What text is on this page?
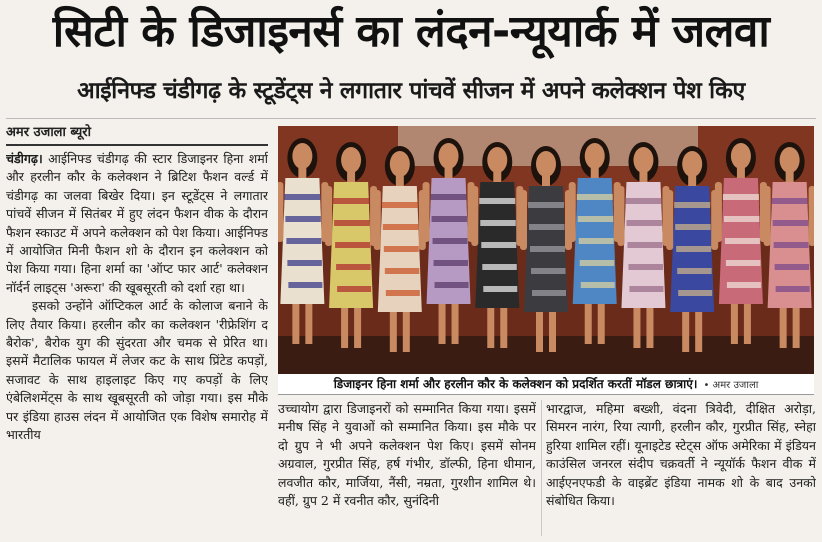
सिटी के डिजाइनर्स का लंदन-न्यूयार्क में जलवा
आईनिफ्ड चंडीगढ़ के स्टूडेंट्स ने लगातार पांचवें सीजन में अपने कलेक्शन पेश किए
अमर उजाला ब्यूरो

चंडीगढ़। आईनिफ्ड चंडीगढ़ की स्टार डिजाइनर हिना शर्मा और हरलीन कौर के कलेक्शन ने ब्रिटिश फैशन वर्ल्ड में चंडीगढ़ का जलवा बिखेर दिया। इन स्टूडेंट्स ने लगातार पांचवें सीजन में सितंबर में हुए लंदन फैशन वीक के दौरान फैशन स्काउट में अपने कलेक्शन को पेश किया। आईनिफ्ड में आयोजित मिनी फैशन शो के दौरान इन कलेक्शन को पेश किया गया। हिना शर्मा का 'ऑप्ट फार आर्ट' कलेक्शन नॉर्दर्न लाइट्स 'अरूरा' की खूबसूरती को दर्शा रहा था।

इसको उन्होंने ऑप्टिकल आर्ट के कोलाज बनाने के लिए तैयार किया। हरलीन कौर का कलेक्शन 'रीफ्रेशिंग द बैरोक', बैरोक युग की सुंदरता और चमक से प्रेरित था। इसमें मैटालिक फायल में लेजर कट के साथ प्रिंटेड कपड़ों, सजावट के साथ हाइलाइट किए गए कपड़ों के लिए एंबेलिशमेंट्स के साथ खूबसूरती को जोड़ा गया। इस मौके पर इंडिया हाउस लंदन में आयोजित एक विशेष समारोह में भारतीय

डिजाइनर हिना शर्मा और हरलीन कौर के कलेक्शन को प्रदर्शित करतीं मॉडल छात्राएं। • अमर उजाला

उच्चायोग द्वारा डिजाइनरों को सम्मानित किया गया। इसमें मनीष सिंह ने युवाओं को सम्मानित किया। इस मौके पर दो ग्रुप ने भी अपने कलेक्शन पेश किए। इसमें सोनम अग्रवाल, गुरप्रीत सिंह, हर्ष गंभीर, डॉल्फी, हिना धीमान, लवजीत कौर, मार्जिया, नैंसी, नम्रता, गुरशीन शामिल थे। वहीं, ग्रुप 2 में रवनीत कौर, सुनंदिनी

भारद्वाज, महिमा बख्शी, वंदना त्रिवेदी, दीक्षित अरोड़ा, सिमरन नारंग, रिया त्यागी, हरलीन कौर, गुरप्रीत सिंह, स्नेहा हुरिया शामिल रहीं। यूनाइटेड स्टेट्स ऑफ अमेरिका में इंडियन काउंसिल जनरल संदीप चक्रवर्ती ने न्यूयॉर्क फैशन वीक में आईएनएफडी के वाइब्रेंट इंडिया नामक शो के बाद उनको संबोधित किया।
